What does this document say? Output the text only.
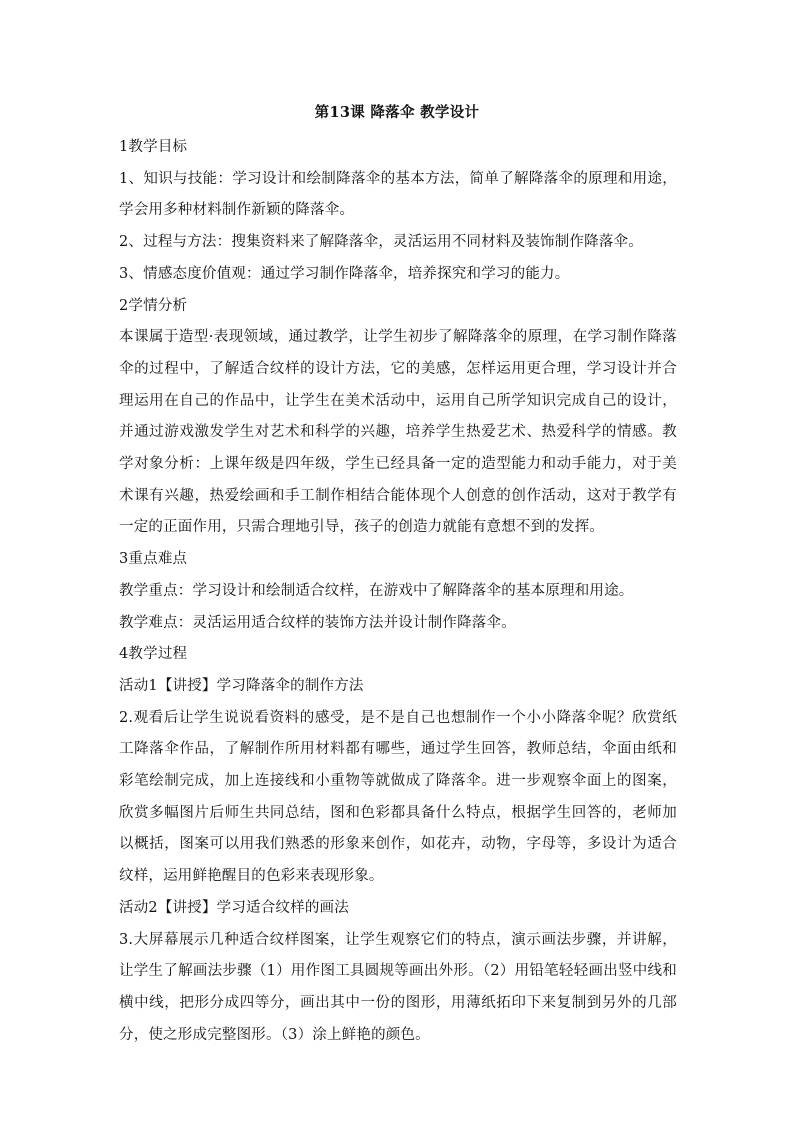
第13课 降落伞 教学设计

1教学目标

1、知识与技能：学习设计和绘制降落伞的基本方法，简单了解降落伞的原理和用途，学会用多种材料制作新颖的降落伞。

2、过程与方法：搜集资料来了解降落伞，灵活运用不同材料及装饰制作降落伞。

3、情感态度价值观：通过学习制作降落伞，培养探究和学习的能力。

2学情分析

本课属于造型·表现领域，通过教学，让学生初步了解降落伞的原理，在学习制作降落伞的过程中，了解适合纹样的设计方法，它的美感，怎样运用更合理，学习设计并合理运用在自己的作品中，让学生在美术活动中，运用自己所学知识完成自己的设计，并通过游戏激发学生对艺术和科学的兴趣，培养学生热爱艺术、热爱科学的情感。教学对象分析：上课年级是四年级，学生已经具备一定的造型能力和动手能力，对于美术课有兴趣，热爱绘画和手工制作相结合能体现个人创意的创作活动，这对于教学有一定的正面作用，只需合理地引导，孩子的创造力就能有意想不到的发挥。

3重点难点

教学重点：学习设计和绘制适合纹样，在游戏中了解降落伞的基本原理和用途。

教学难点：灵活运用适合纹样的装饰方法并设计制作降落伞。

4教学过程

活动1【讲授】学习降落伞的制作方法

2.观看后让学生说说看资料的感受，是不是自己也想制作一个小小降落伞呢？欣赏纸工降落伞作品，了解制作所用材料都有哪些，通过学生回答，教师总结，伞面由纸和彩笔绘制完成，加上连接线和小重物等就做成了降落伞。进一步观察伞面上的图案，欣赏多幅图片后师生共同总结，图和色彩都具备什么特点，根据学生回答的，老师加以概括，图案可以用我们熟悉的形象来创作，如花卉，动物，字母等，多设计为适合纹样，运用鲜艳醒目的色彩来表现形象。

活动2【讲授】学习适合纹样的画法

3.大屏幕展示几种适合纹样图案，让学生观察它们的特点，演示画法步骤，并讲解，让学生了解画法步骤（1）用作图工具圆规等画出外形。（2）用铅笔轻轻画出竖中线和横中线，把形分成四等分，画出其中一份的图形，用薄纸拓印下来复制到另外的几部分，使之形成完整图形。（3）涂上鲜艳的颜色。
